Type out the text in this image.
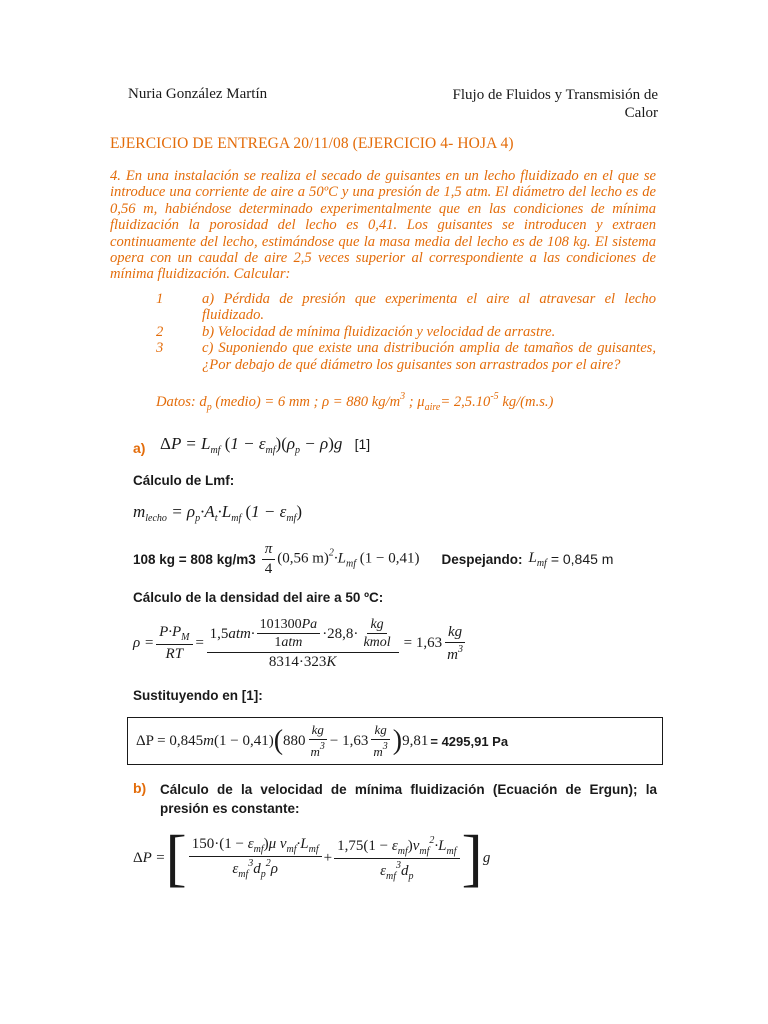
Nuria González Martín	Flujo de Fluidos y Transmisión de
Calor
EJERCICIO DE ENTREGA 20/11/08 (EJERCICIO 4- HOJA 4)
4. En una instalación se realiza el secado de guisantes en un lecho fluidizado en el que se introduce una corriente de aire a 50ºC y una presión de 1,5 atm. El diámetro del lecho es de 0,56 m, habiéndose determinado experimentalmente que en las condiciones de mínima fluidización la porosidad del lecho es 0,41. Los guisantes se introducen y extraen continuamente del lecho, estimándose que la masa media del lecho es de 108 kg. El sistema opera con un caudal de aire 2,5 veces superior al correspondiente a las condiciones de mínima fluidización. Calcular:
1	a) Pérdida de presión que experimenta el aire al atravesar el lecho
fluidizado.
2	b) Velocidad de mínima fluidización y velocidad de arrastre.
3	c) Suponiendo que existe una distribución amplia de tamaños de guisantes,
¿Por debajo de qué diámetro los guisantes son arrastrados por el aire?
Datos: $d_p$ (medio) = 6 mm ; ρ = 880 $kg/m^3$ ; $\mu_{aire}= 2,5.10^{-5}$ kg/(m.s.)
a) $\Delta P = L_{mf}$ $(1 - \varepsilon_{mf})(\rho_p - \rho)g$ [1]
Cálculo de Lmf:
$m_{lecho} = \rho_p\cdot A_t\cdot L_{mf}$ $(1 - \varepsilon_{mf})$
108 kg = 808 $kg/m3 \frac{\pi}{4} (0,56$ $m)^2\cdot L_{mf}$ (1 − 0,41) Despejando: $L_{mf} = 0,845$ m
Cálculo de la densidad del aire a 50 ºC:
$\rho = \frac{P\cdot P_M}{RT} = \frac{1,5 atm\cdot \frac{101300Pa}{\text{1atm}} \cdot 28,8\cdot \frac{kg}{\text{kmol}}}{8314\cdot 323K} = 1,63 \frac{kg}{m^3}$
Sustituyendo en [1]:
ΔP = 0,845 m (1 − 0,41) ( $880 \frac{kg}{m^3} - 1,63 \frac{kg}{m^3}$ ) 9,81 = 4295,91 Pa
b) Cálculo de la velocidad de mínima fluidización (Ecuación de Ergun); la presión es constante:
Δ P = [ $\frac{150\cdot(1 - \varepsilon_{mf})\mu v_{mf}\cdot L_{mf}}{\varepsilon_{mf}^3d_p^2\rho} + \frac{1,75(1 - \varepsilon_{mf})v_{mf}^2\cdot L_{mf}}{\varepsilon_{mf}^3d_p}$ ] g
